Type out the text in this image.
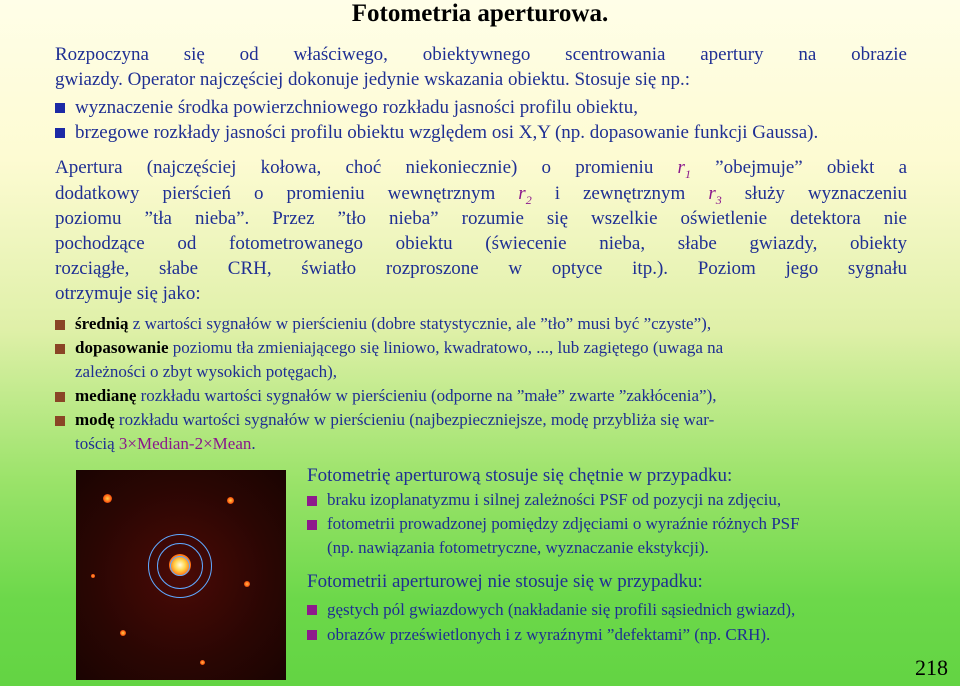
Fotometria aperturowa.
Rozpoczyna się od właściwego, obiektywnego scentrowania apertury na obrazie
gwiazdy. Operator najczęściej dokonuje jedynie wskazania obiektu. Stosuje się np.:
wyznaczenie środka powierzchniowego rozkładu jasności profilu obiektu,
brzegowe rozkłady jasności profilu obiektu względem osi X,Y (np. dopasowanie funkcji Gaussa).
Apertura (najczęściej kołowa, choć niekoniecznie) o promieniu $r_1$ ”obejmuje” obiekt a
dodatkowy pierścień o promieniu wewnętrznym $r_2$ i zewnętrznym $r_3$ służy wyznaczeniu
poziomu ”tła nieba”. Przez ”tło nieba” rozumie się wszelkie oświetlenie detektora nie
pochodzące od fotometrowanego obiektu (świecenie nieba, słabe gwiazdy, obiekty
rozciągłe, słabe CRH, światło rozproszone w optyce itp.). Poziom jego sygnału
otrzymuje się jako:
średnią z wartości sygnałów w pierścieniu (dobre statystycznie, ale ”tło” musi być ”czyste”),
dopasowanie poziomu tła zmieniającego się liniowo, kwadratowo, ..., lub zagiętego (uwaga na
zależności o zbyt wysokich potęgach),
medianę rozkładu wartości sygnałów w pierścieniu (odporne na ”małe” zwarte ”zakłócenia”),
modę rozkładu wartości sygnałów w pierścieniu (najbezpieczniejsze, modę przybliża się war-
tością 3×Median-2×Mean.
Fotometrię aperturową stosuje się chętnie w przypadku:
braku izoplanatyzmu i silnej zależności PSF od pozycji na zdjęciu,
fotometrii prowadzonej pomiędzy zdjęciami o wyraźnie różnych PSF
(np. nawiązania fotometryczne, wyznaczanie ekstykcji).
Fotometrii aperturowej nie stosuje się w przypadku:
gęstych pól gwiazdowych (nakładanie się profili sąsiednich gwiazd),
obrazów prześwietlonych i z wyraźnymi ”defektami” (np. CRH).
218
